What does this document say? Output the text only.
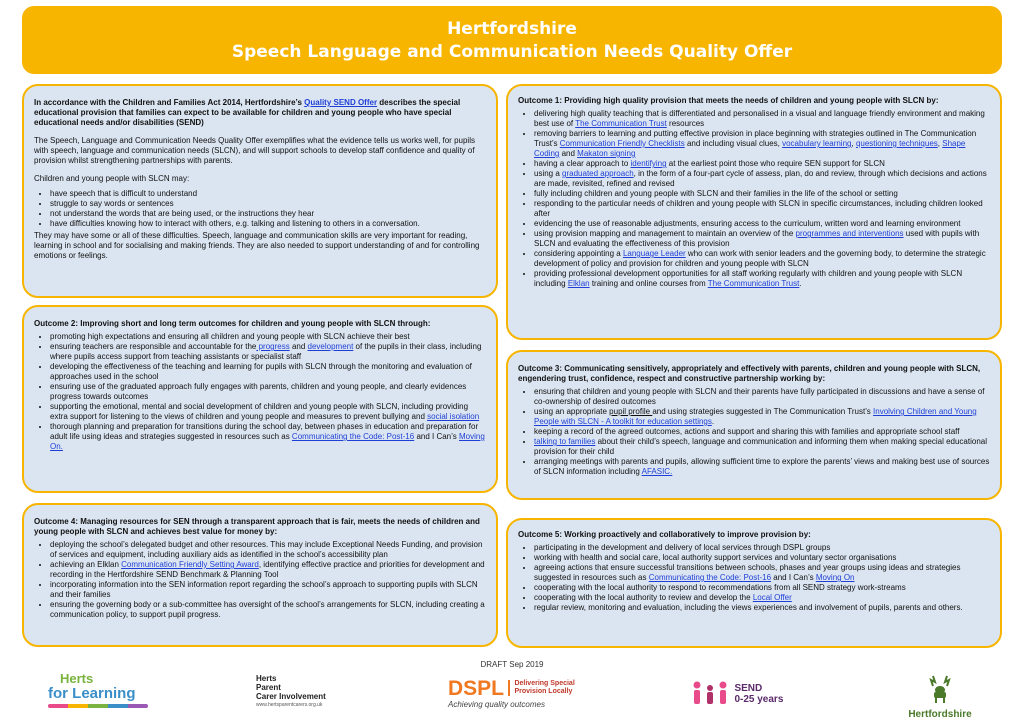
Hertfordshire
Speech Language and Communication Needs Quality Offer
In accordance with the Children and Families Act 2014, Hertfordshire’s Quality SEND Offer describes the special educational provision that families can expect to be available for children and young people who have special educational needs and/or disabilities (SEND)

The Speech, Language and Communication Needs Quality Offer exemplifies what the evidence tells us works well, for pupils with speech, language and communication needs (SLCN), and will support schools to develop staff confidence and quality of provision whilst strengthening partnerships with parents.

Children and young people with SLCN may:

• have speech that is difficult to understand
• struggle to say words or sentences
• not understand the words that are being used, or the instructions they hear
• have difficulties knowing how to interact with others, e.g. talking and listening to others in a conversation.

They may have some or all of these difficulties. Speech, language and communication skills are very important for reading, learning in school and for socialising and making friends. They are also needed to support understanding of and for controlling emotions or feelings.

Outcome 1: Providing high quality provision that meets the needs of children and young people with SLCN by:
• delivering high quality teaching that is differentiated and personalised in a visual and language friendly environment and making best use of The Communication Trust resources
• removing barriers to learning and putting effective provision in place beginning with strategies outlined in The Communication Trust’s Communication Friendly Checklists and including visual clues, vocabulary learning, questioning techniques, Shape Coding and Makaton signing
• having a clear approach to identifying at the earliest point those who require SEN support for SLCN
• using a graduated approach, in the form of a four-part cycle of assess, plan, do and review, through which decisions and actions are made, revisited, refined and revised
• fully including children and young people with SLCN and their families in the life of the school or setting
• responding to the particular needs of children and young people with SLCN in specific circumstances, including children looked after
• evidencing the use of reasonable adjustments, ensuring access to the curriculum, written word and learning environment
• using provision mapping and management to maintain an overview of the programmes and interventions used with pupils with SLCN and evaluating the effectiveness of this provision
• considering appointing a Language Leader who can work with senior leaders and the governing body, to determine the strategic development of policy and provision for children and young people with SLCN
• providing professional development opportunities for all staff working regularly with children and young people with SLCN including Elklan training and online courses from The Communication Trust.
Outcome 2: Improving short and long term outcomes for children and young people with SLCN through:
• promoting high expectations and ensuring all children and young people with SLCN achieve their best
• ensuring teachers are responsible and accountable for the progress and development of the pupils in their class, including where pupils access support from teaching assistants or specialist staff
• developing the effectiveness of the teaching and learning for pupils with SLCN through the monitoring and evaluation of approaches used in the school
• ensuring use of the graduated approach fully engages with parents, children and young people, and clearly evidences progress towards outcomes
• supporting the emotional, mental and social development of children and young people with SLCN, including providing extra support for listening to the views of children and young people and measures to prevent bullying and social isolation
• thorough planning and preparation for transitions during the school day, between phases in education and preparation for adult life using ideas and strategies suggested in resources such as Communicating the Code: Post-16 and I Can’s Moving On.
Outcome 3: Communicating sensitively, appropriately and effectively with parents, children and young people with SLCN, engendering trust, confidence, respect and constructive partnership working by:
• ensuring that children and young people with SLCN and their parents have fully participated in discussions and have a sense of co-ownership of desired outcomes
• using an appropriate pupil profile and using strategies suggested in The Communication Trust’s Involving Children and Young People with SLCN - A toolkit for education settings.
• keeping a record of the agreed outcomes, actions and support and sharing this with families and appropriate school staff
• talking to families about their child’s speech, language and communication and informing them when making special educational provision for their child
• arranging meetings with parents and pupils, allowing sufficient time to explore the parents’ views and making best use of sources of SLCN information including AFASIC.
Outcome 4: Managing resources for SEN through a transparent approach that is fair, meets the needs of children and young people with SLCN and achieves best value for money by:
• deploying the school’s delegated budget and other resources. This may include Exceptional Needs Funding, and provision of services and equipment, including auxiliary aids as identified in the school’s accessibility plan
• achieving an Elklan Communication Friendly Setting Award, identifying effective practice and priorities for development and recording in the Hertfordshire SEND Benchmark & Planning Tool
• incorporating information into the SEN information report regarding the school’s approach to supporting pupils with SLCN and their families
• ensuring the governing body or a sub-committee has oversight of the school’s arrangements for SLCN, including creating a communication policy, to support pupil progress.
Outcome 5: Working proactively and collaboratively to improve provision by:
• participating in the development and delivery of local services through DSPL groups
• working with health and social care, local authority support services and voluntary sector organisations
• agreeing actions that ensure successful transitions between schools, phases and year groups using ideas and strategies suggested in resources such as Communicating the Code: Post-16 and I Can’s Moving On
• cooperating with the local authority to respond to recommendations from all SEND strategy work-streams
• cooperating with the local authority to review and develop the Local Offer
• regular review, monitoring and evaluation, including the views experiences and involvement of pupils, parents and others.
DRAFT Sep 2019
Herts
for Learning
Herts
Parent
Carer Involvement
www.hertsparentcarers.org.uk
DSPL Delivering Special
Provision Locally
Achieving quality outcomes
SEND
0-25 years
Hertfordshire
